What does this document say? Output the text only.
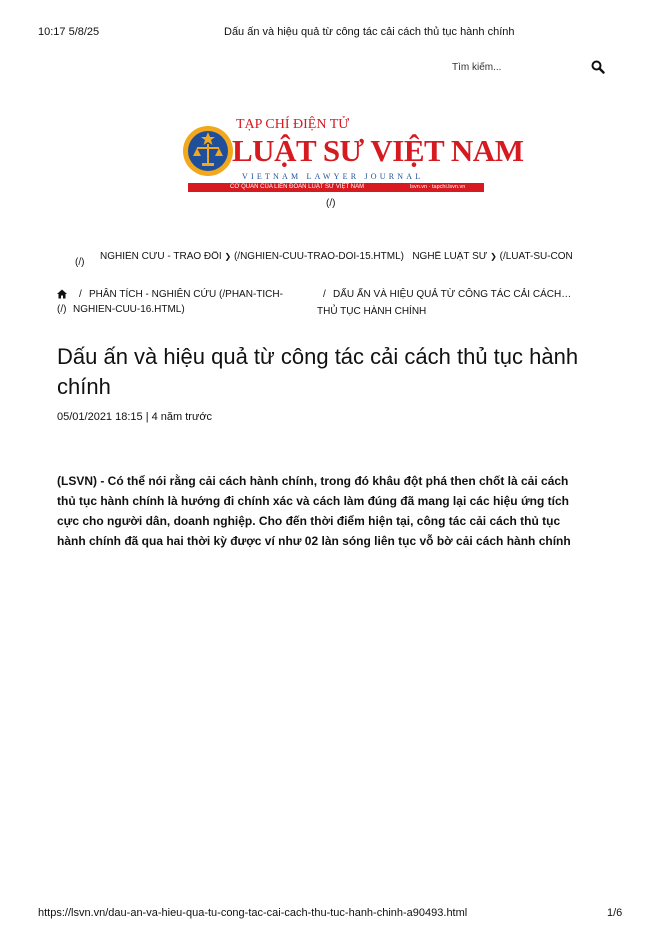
10:17 5/8/25	Dấu ấn và hiệu quả từ công tác cải cách thủ tục hành chính
Tìm kiếm...
TẠP CHÍ ĐIỆN TỬ
LUẬT SƯ VIỆT NAM
VIETNAM LAWYER JOURNAL
CƠ QUAN CỦA LIÊN ĐOÀN LUẬT SƯ VIỆT NAM	lsvn.vn · tapchi.lsvn.vn
(/)
(/)
NGHIÊN CỨU - TRAO ĐỔI ❯ (/NGHIEN-CUU-TRAO-DOI-15.HTML) NGHỀ LUẬT SƯ ❯ (/LUAT-SU-CON
(/)
/ PHÂN TÍCH - NGHIÊN CỨU (/PHAN-TICH-
NGHIEN-CUU-16.HTML)
/ DẤU ẤN VÀ HIỆU QUẢ TỪ CÔNG TÁC CẢI CÁCH…
THỦ TỤC HÀNH CHÍNH
Dấu ấn và hiệu quả từ công tác cải cách thủ tục hành
chính
05/01/2021 18:15 | 4 năm trước
(LSVN) - Có thể nói rằng cải cách hành chính, trong đó khâu đột phá then chốt là cải cách
thủ tục hành chính là hướng đi chính xác và cách làm đúng đã mang lại các hiệu ứng tích
cực cho người dân, doanh nghiệp. Cho đến thời điểm hiện tại, công tác cải cách thủ tục
hành chính đã qua hai thời kỳ được ví như 02 làn sóng liên tục vỗ bờ cải cách hành chính
https://lsvn.vn/dau-an-va-hieu-qua-tu-cong-tac-cai-cach-thu-tuc-hanh-chinh-a90493.html	1/6
